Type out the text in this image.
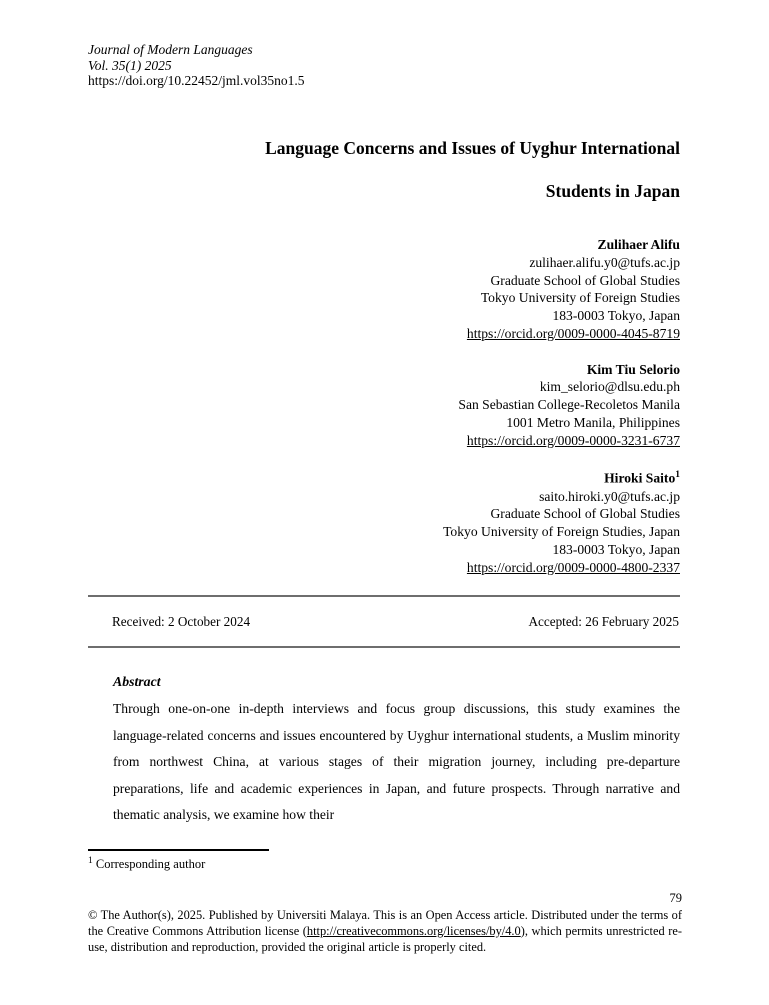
Journal of Modern Languages
Vol. 35(1) 2025
https://doi.org/10.22452/jml.vol35no1.5
Language Concerns and Issues of Uyghur International
Students in Japan
Zulihaer Alifu
zulihaer.alifu.y0@tufs.ac.jp
Graduate School of Global Studies
Tokyo University of Foreign Studies
183-0003 Tokyo, Japan
https://orcid.org/0009-0000-4045-8719
Kim Tiu Selorio
kim_selorio@dlsu.edu.ph
San Sebastian College-Recoletos Manila
1001 Metro Manila, Philippines
https://orcid.org/0009-0000-3231-6737
Hiroki Saito$^1$
saito.hiroki.y0@tufs.ac.jp
Graduate School of Global Studies
Tokyo University of Foreign Studies, Japan
183-0003 Tokyo, Japan
https://orcid.org/0009-0000-4800-2337
Received: 2 October 2024	Accepted: 26 February 2025
Abstract

Through one-on-one in-depth interviews and focus group discussions, this study examines the language-related concerns and issues encountered by Uyghur international students, a Muslim minority from northwest China, at various stages of their migration journey, including pre-departure preparations, life and academic experiences in Japan, and future prospects. Through narrative and thematic analysis, we examine how their

$^1$ Corresponding author
79

© The Author(s), 2025. Published by Universiti Malaya. This is an Open Access article. Distributed under the terms of the Creative Commons Attribution license (http://creativecommons.org/licenses/by/4.0), which permits unrestricted re-use, distribution and reproduction, provided the original article is properly cited.
